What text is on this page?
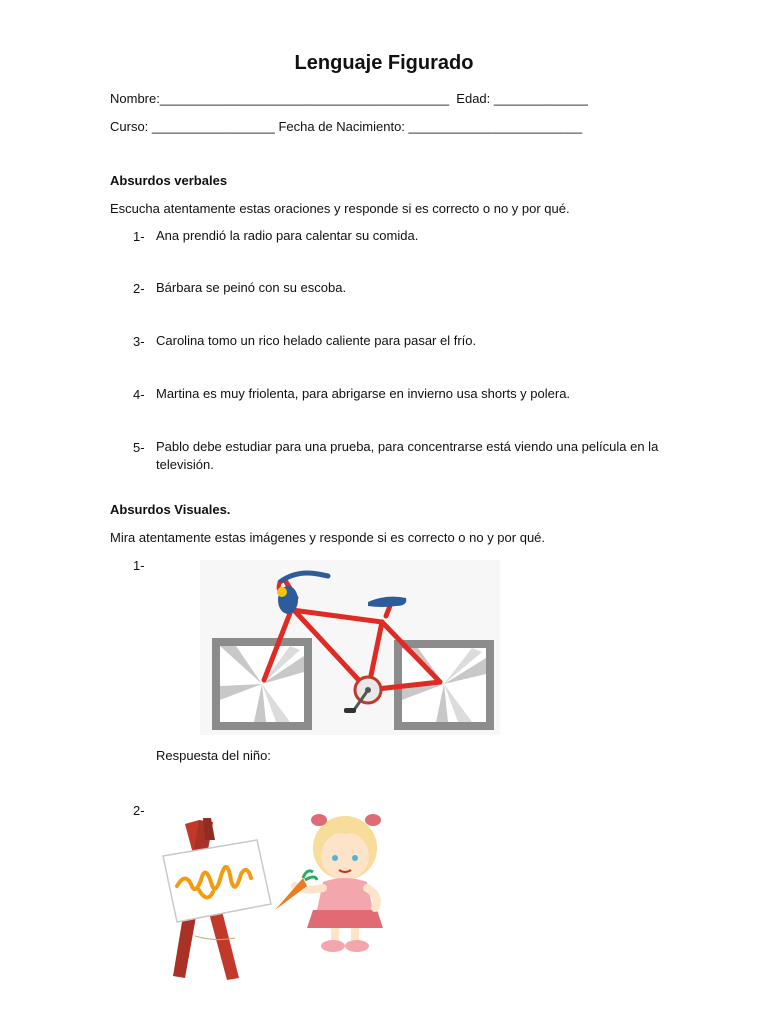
Lenguaje Figurado
Nombre:________________________________________ Edad: _____________
Curso: _________________ Fecha de Nacimiento: ________________________
Absurdos verbales
Escucha atentamente estas oraciones y responde si es correcto o no y por qué.
1- Ana prendió la radio para calentar su comida.
2- Bárbara se peinó con su escoba.
3- Carolina tomo un rico helado caliente para pasar el frío.
4- Martina es muy friolenta, para abrigarse en invierno usa shorts y polera.
5- Pablo debe estudiar para una prueba, para concentrarse está viendo una película en la televisión.
Absurdos Visuales.
Mira atentamente estas imágenes y responde si es correcto o no y por qué.
1-
Respuesta del niño:
2-
